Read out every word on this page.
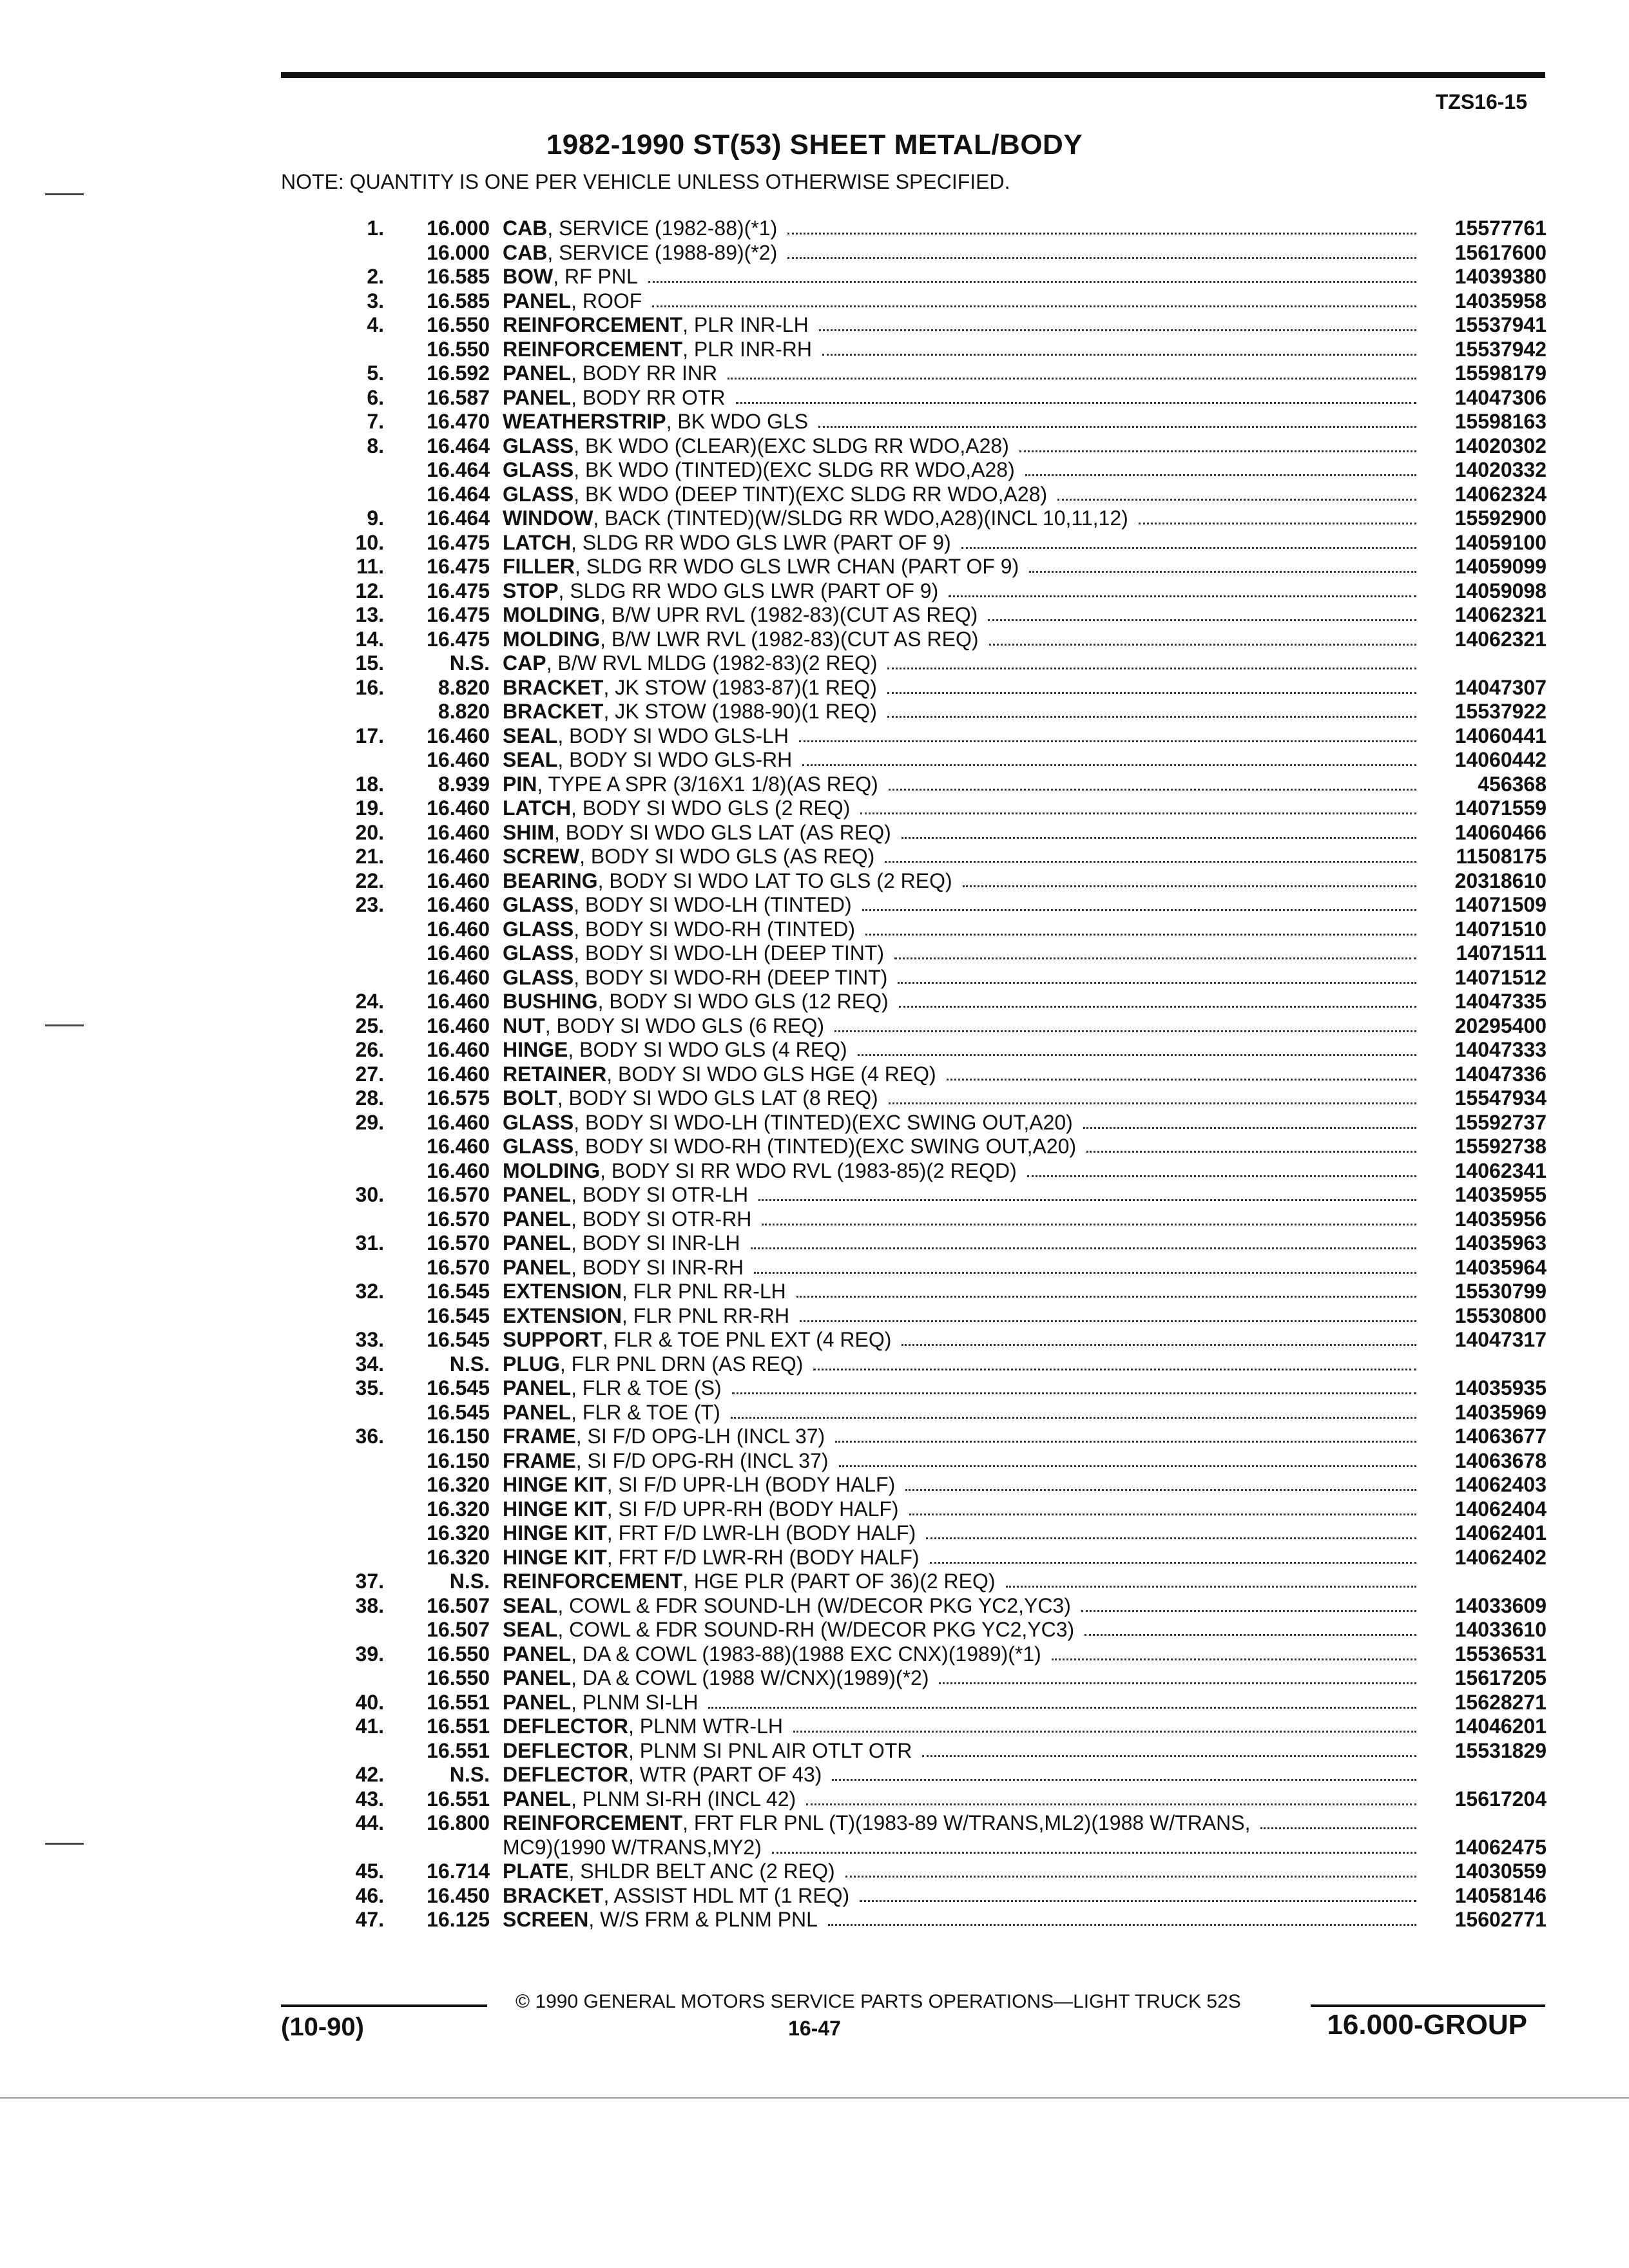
TZS16-15
1982-1990 ST(53) SHEET METAL/BODY
NOTE: QUANTITY IS ONE PER VEHICLE UNLESS OTHERWISE SPECIFIED.
1.	16.000 CAB , SERVICE (1982-88)(*1)	15577761
16.000 CAB , SERVICE (1988-89)(*2)	15617600
2.	16.585 BOW , RF PNL	14039380
3.	16.585 PANEL , ROOF	14035958
4.	16.550 REINFORCEMENT , PLR INR-LH	15537941
16.550 REINFORCEMENT , PLR INR-RH	15537942
5.	16.592 PANEL , BODY RR INR	15598179
6.	16.587 PANEL , BODY RR OTR	14047306
7.	16.470 WEATHERSTRIP , BK WDO GLS	15598163
8.	16.464 GLASS , BK WDO (CLEAR)(EXC SLDG RR WDO,A28)	14020302
16.464 GLASS , BK WDO (TINTED)(EXC SLDG RR WDO,A28)	14020332
16.464 GLASS , BK WDO (DEEP TINT)(EXC SLDG RR WDO,A28)	14062324
9.	16.464 WINDOW , BACK (TINTED)(W/SLDG RR WDO,A28)(INCL 10,11,12)	15592900
10.	16.475 LATCH , SLDG RR WDO GLS LWR (PART OF 9)	14059100
11.	16.475 FILLER , SLDG RR WDO GLS LWR CHAN (PART OF 9)	14059099
12.	16.475 STOP , SLDG RR WDO GLS LWR (PART OF 9)	14059098
13.	16.475 MOLDING , B/W UPR RVL (1982-83)(CUT AS REQ)	14062321
14.	16.475 MOLDING , B/W LWR RVL (1982-83)(CUT AS REQ)	14062321
15.	N.S. CAP , B/W RVL MLDG (1982-83)(2 REQ)
16.	8.820 BRACKET , JK STOW (1983-87)(1 REQ)	14047307
8.820 BRACKET , JK STOW (1988-90)(1 REQ)	15537922
17.	16.460 SEAL , BODY SI WDO GLS-LH	14060441
16.460 SEAL , BODY SI WDO GLS-RH	14060442
18.	8.939 PIN , TYPE A SPR (3/16X1 1/8)(AS REQ)	456368
19.	16.460 LATCH , BODY SI WDO GLS (2 REQ)	14071559
20.	16.460 SHIM , BODY SI WDO GLS LAT (AS REQ)	14060466
21.	16.460 SCREW , BODY SI WDO GLS (AS REQ)	11508175
22.	16.460 BEARING , BODY SI WDO LAT TO GLS (2 REQ)	20318610
23.	16.460 GLASS , BODY SI WDO-LH (TINTED)	14071509
16.460 GLASS , BODY SI WDO-RH (TINTED)	14071510
16.460 GLASS , BODY SI WDO-LH (DEEP TINT)	14071511
16.460 GLASS , BODY SI WDO-RH (DEEP TINT)	14071512
24.	16.460 BUSHING , BODY SI WDO GLS (12 REQ)	14047335
25.	16.460 NUT , BODY SI WDO GLS (6 REQ)	20295400
26.	16.460 HINGE , BODY SI WDO GLS (4 REQ)	14047333
27.	16.460 RETAINER , BODY SI WDO GLS HGE (4 REQ)	14047336
28.	16.575 BOLT , BODY SI WDO GLS LAT (8 REQ)	15547934
29.	16.460 GLASS , BODY SI WDO-LH (TINTED)(EXC SWING OUT,A20)	15592737
16.460 GLASS , BODY SI WDO-RH (TINTED)(EXC SWING OUT,A20)	15592738
16.460 MOLDING , BODY SI RR WDO RVL (1983-85)(2 REQD)	14062341
30.	16.570 PANEL , BODY SI OTR-LH	14035955
16.570 PANEL , BODY SI OTR-RH	14035956
31.	16.570 PANEL , BODY SI INR-LH	14035963
16.570 PANEL , BODY SI INR-RH	14035964
32.	16.545 EXTENSION , FLR PNL RR-LH	15530799
16.545 EXTENSION , FLR PNL RR-RH	15530800
33.	16.545 SUPPORT , FLR & TOE PNL EXT (4 REQ)	14047317
34.	N.S. PLUG , FLR PNL DRN (AS REQ)
35.	16.545 PANEL , FLR & TOE (S)	14035935
16.545 PANEL , FLR & TOE (T)	14035969
36.	16.150 FRAME , SI F/D OPG-LH (INCL 37)	14063677
16.150 FRAME , SI F/D OPG-RH (INCL 37)	14063678
16.320 HINGE KIT , SI F/D UPR-LH (BODY HALF)	14062403
16.320 HINGE KIT , SI F/D UPR-RH (BODY HALF)	14062404
16.320 HINGE KIT , FRT F/D LWR-LH (BODY HALF)	14062401
16.320 HINGE KIT , FRT F/D LWR-RH (BODY HALF)	14062402
37.	N.S. REINFORCEMENT , HGE PLR (PART OF 36)(2 REQ)
38.	16.507 SEAL , COWL & FDR SOUND-LH (W/DECOR PKG YC2,YC3)	14033609
16.507 SEAL , COWL & FDR SOUND-RH (W/DECOR PKG YC2,YC3)	14033610
39.	16.550 PANEL , DA & COWL (1983-88)(1988 EXC CNX)(1989)(*1)	15536531
16.550 PANEL , DA & COWL (1988 W/CNX)(1989)(*2)	15617205
40.	16.551 PANEL , PLNM SI-LH	15628271
41.	16.551 DEFLECTOR , PLNM WTR-LH	14046201
16.551 DEFLECTOR , PLNM SI PNL AIR OTLT OTR	15531829
42.	N.S. DEFLECTOR , WTR (PART OF 43)
43.	16.551 PANEL , PLNM SI-RH (INCL 42)	15617204
44.	16.800 REINFORCEMENT , FRT FLR PNL (T)(1983-89 W/TRANS,ML2)(1988 W/TRANS,
MC9)(1990 W/TRANS,MY2)	14062475
45.	16.714 PLATE , SHLDR BELT ANC (2 REQ)	14030559
46.	16.450 BRACKET , ASSIST HDL MT (1 REQ)	14058146
47.	16.125 SCREEN , W/S FRM & PLNM PNL	15602771
© 1990 GENERAL MOTORS SERVICE PARTS OPERATIONS—LIGHT TRUCK 52S
(10-90)	16-47	16.000-GROUP
